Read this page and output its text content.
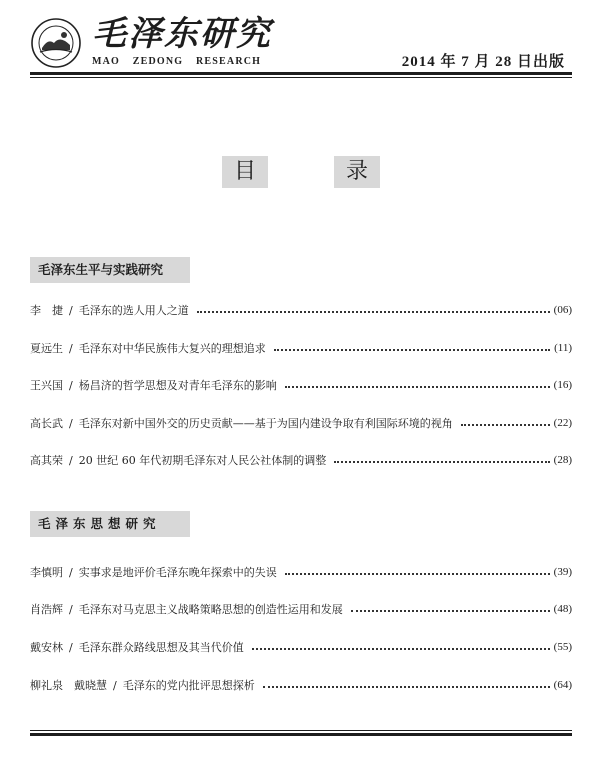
毛泽东研究
MAO ZEDONG RESEARCH	2014 年 7 月 28 日出版
目	录
毛泽东生平与实践研究
李　捷 / 毛泽东的选人用人之道	(06)
夏远生 / 毛泽东对中华民族伟大复兴的理想追求	(11)
王兴国 / 杨昌济的哲学思想及对青年毛泽东的影响	(16)
高长武 / 毛泽东对新中国外交的历史贡献——基于为国内建设争取有利国际环境的视角	(22)
高其荣 / 20 世纪 60 年代初期毛泽东对人民公社体制的调整	(28)
毛泽东思想研究
李慎明 / 实事求是地评价毛泽东晚年探索中的失误	(39)
肖浩辉 / 毛泽东对马克思主义战略策略思想的创造性运用和发展	(48)
戴安林 / 毛泽东群众路线思想及其当代价值	(55)
柳礼泉　戴晓慧 / 毛泽东的党内批评思想探析	(64)
